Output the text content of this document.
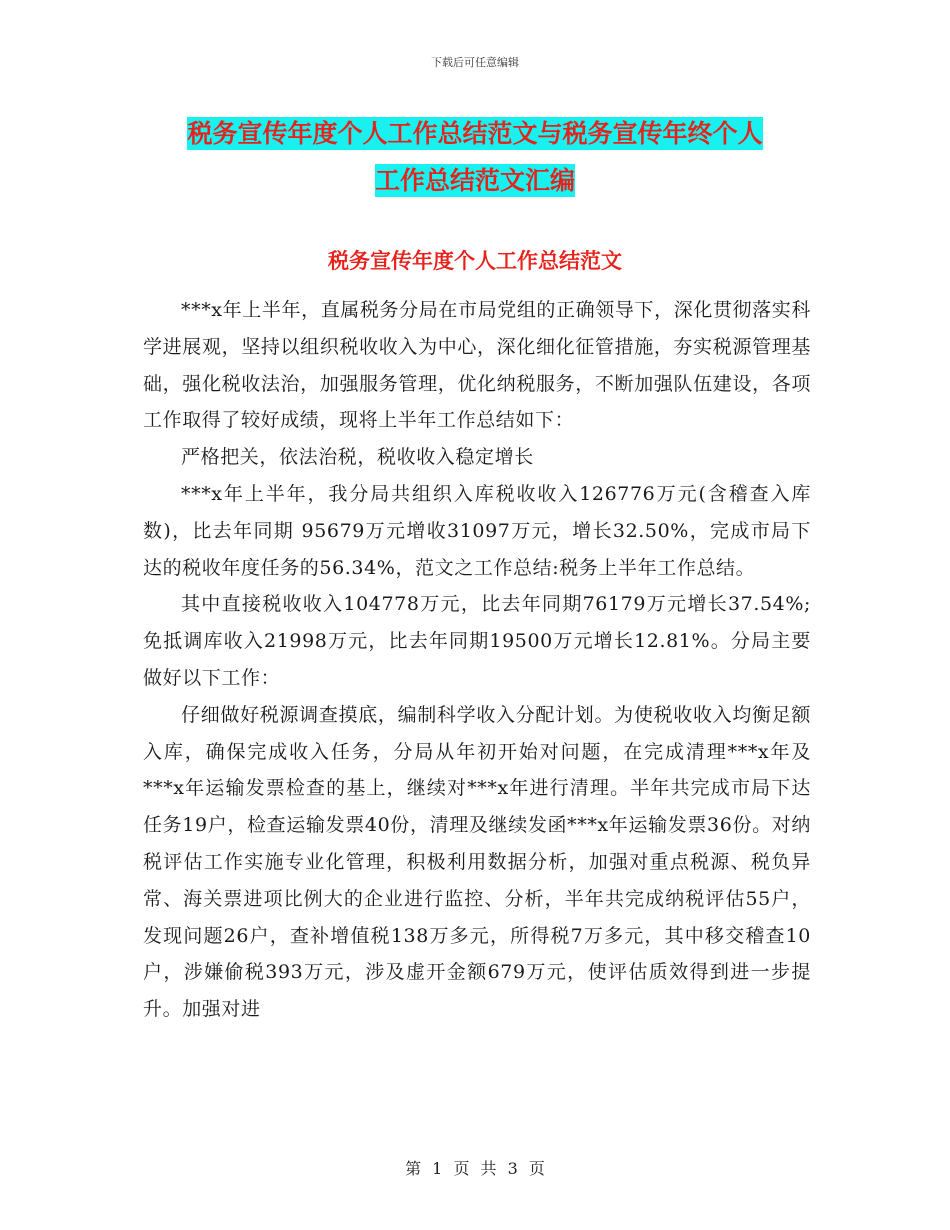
下载后可任意编辑
税务宣传年度个人工作总结范文与税务宣传年终个人
工作总结范文汇编
税务宣传年度个人工作总结范文

***x年上半年，直属税务分局在市局党组的正确领导下，深化贯彻落实科学进展观，坚持以组织税收收入为中心，深化细化征管措施，夯实税源管理基础，强化税收法治，加强服务管理，优化纳税服务，不断加强队伍建设，各项工作取得了较好成绩，现将上半年工作总结如下：

严格把关，依法治税，税收收入稳定增长

***x年上半年，我分局共组织入库税收收入126776万元(含稽查入库数)，比去年同期 95679万元增收31097万元，增长32.50%，完成市局下达的税收年度任务的56.34%，范文之工作总结:税务上半年工作总结。

其中直接税收收入104778万元，比去年同期76179万元增长37.54%;免抵调库收入21998万元，比去年同期19500万元增长12.81%。分局主要做好以下工作：

仔细做好税源调查摸底，编制科学收入分配计划。为使税收收入均衡足额入库，确保完成收入任务，分局从年初开始对问题，在完成清理***x年及***x年运输发票检查的基上，继续对***x年进行清理。半年共完成市局下达任务19户，检查运输发票40份，清理及继续发函***x年运输发票36份。对纳税评估工作实施专业化管理，积极利用数据分析，加强对重点税源、税负异常、海关票进项比例大的企业进行监控、分析，半年共完成纳税评估55户，发现问题26户，查补增值税138万多元，所得税7万多元，其中移交稽查10户，涉嫌偷税393万元，涉及虚开金额679万元，使评估质效得到进一步提升。加强对进

第 1 页 共 3 页
